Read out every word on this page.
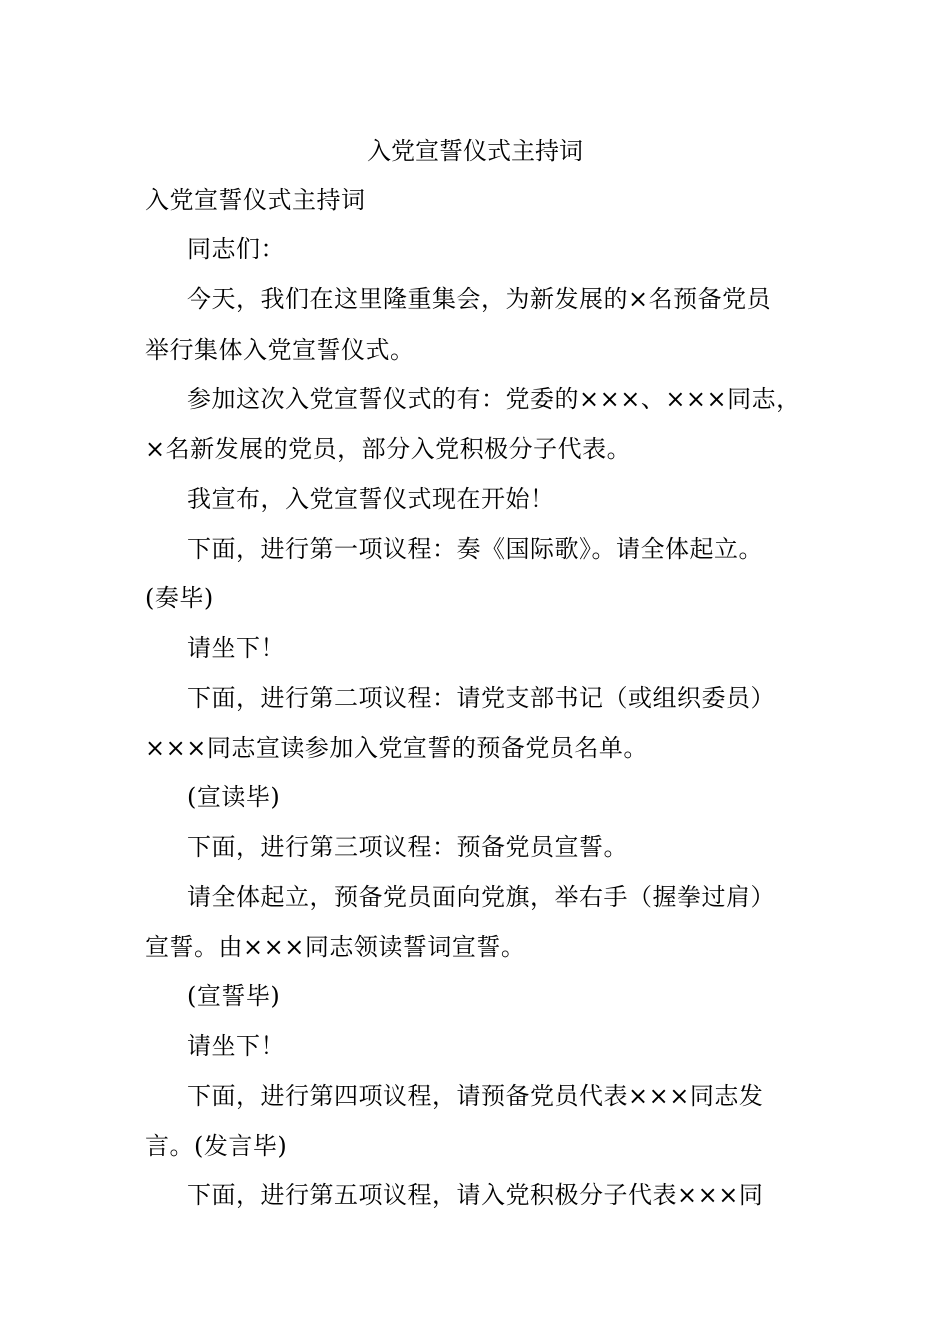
入党宣誓仪式主持词
入党宣誓仪式主持词
同志们：
今天，我们在这里隆重集会，为新发展的×名预备党员
举行集体入党宣誓仪式。
参加这次入党宣誓仪式的有：党委的×××、×××同志，
×名新发展的党员，部分入党积极分子代表。
我宣布，入党宣誓仪式现在开始！
下面，进行第一项议程：奏《国际歌》。请全体起立。
(奏毕)
请坐下！
下面，进行第二项议程：请党支部书记（或组织委员）
×××同志宣读参加入党宣誓的预备党员名单。
(宣读毕)
下面，进行第三项议程：预备党员宣誓。
请全体起立，预备党员面向党旗，举右手（握拳过肩）
宣誓。由×××同志领读誓词宣誓。
(宣誓毕)
请坐下！
下面，进行第四项议程，请预备党员代表×××同志发
言。(发言毕)
下面，进行第五项议程，请入党积极分子代表×××同
